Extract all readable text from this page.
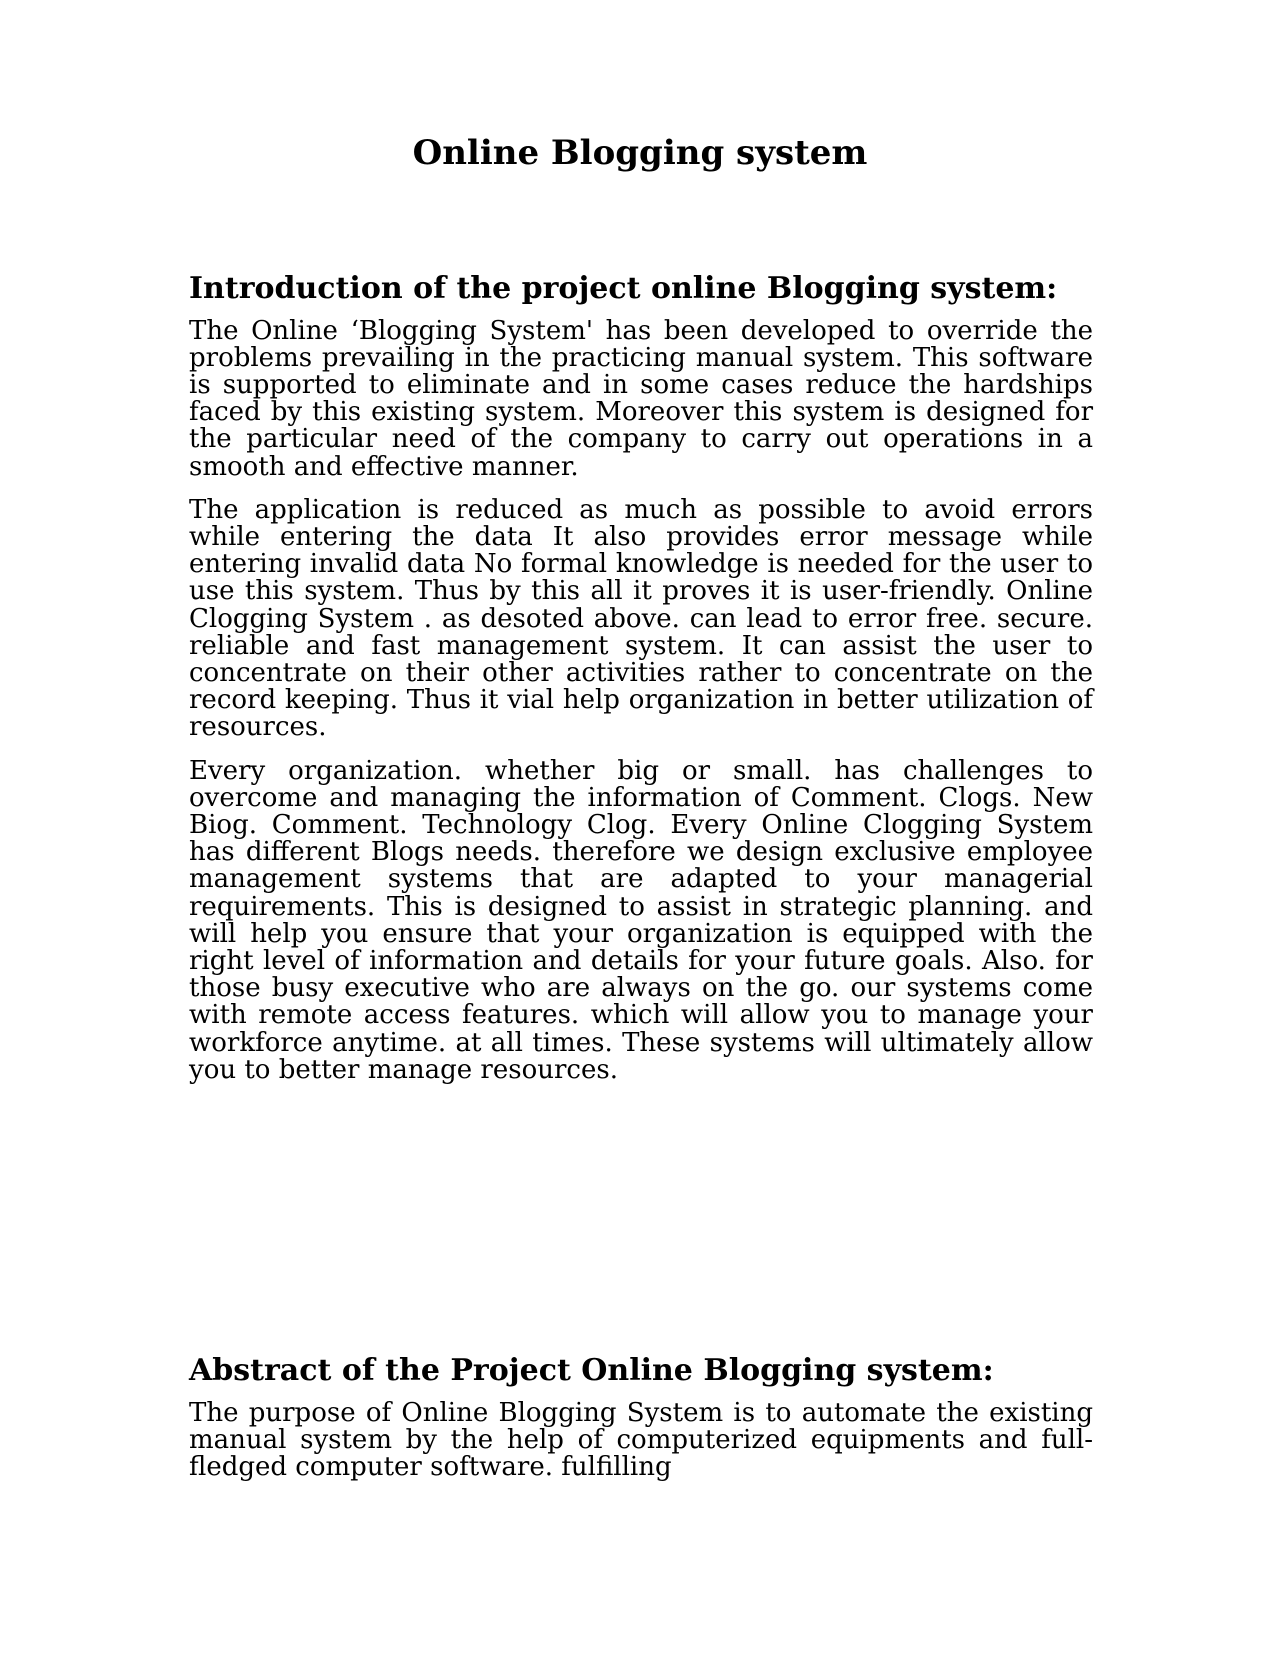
Online Blogging system
Introduction of the project online Blogging system:

The Online ‘Blogging System' has been developed to override the problems prevailing in the practicing manual system. This software is supported to eliminate and in some cases reduce the hardships faced by this existing system. Moreover this system is designed for the particular need of the company to carry out operations in a smooth and effective manner.

The application is reduced as much as possible to avoid errors while entering the data It also provides error message while entering invalid data No formal knowledge is needed for the user to use this system. Thus by this all it proves it is user-friendly. Online Clogging System . as desoted above. can lead to error free. secure. reliable and fast management system. It can assist the user to concentrate on their other activities rather to concentrate on the record keeping. Thus it vial help organization in better utilization of resources.

Every organization. whether big or small. has challenges to overcome and managing the information of Comment. Clogs. New Biog. Comment. Technology Clog. Every Online Clogging System has different Blogs needs. therefore we design exclusive employee management systems that are adapted to your managerial requirements. This is designed to assist in strategic planning. and will help you ensure that your organization is equipped with the right level of information and details for your future goals. Also. for those busy executive who are always on the go. our systems come with remote access features. which will allow you to manage your workforce anytime. at all times. These systems will ultimately allow you to better manage resources.

Abstract of the Project Online Blogging system:

The purpose of Online Blogging System is to automate the existing manual system by the help of computerized equipments and full-fledged computer software. fulfilling
